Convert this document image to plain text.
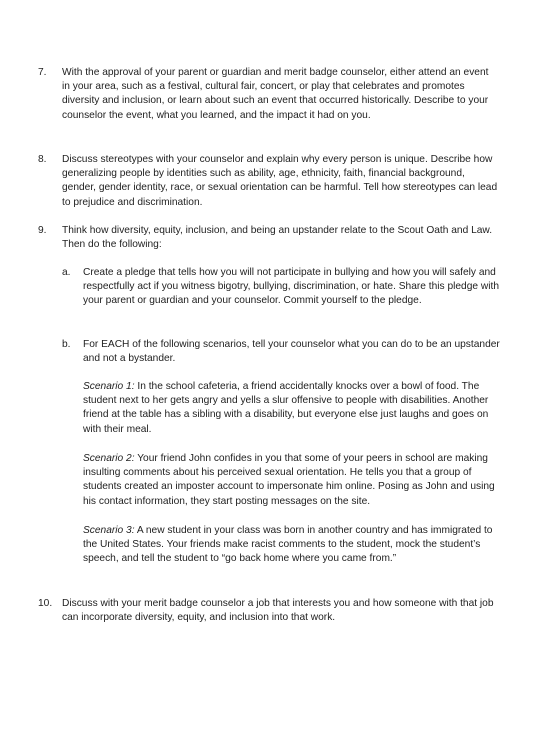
7.	With the approval of your parent or guardian and merit badge counselor, either attend an event in your area, such as a festival, cultural fair, concert, or play that celebrates and promotes diversity and inclusion, or learn about such an event that occurred historically. Describe to your counselor the event, what you learned, and the impact it had on you.
8.	Discuss stereotypes with your counselor and explain why every person is unique. Describe how generalizing people by identities such as ability, age, ethnicity, faith, financial background, gender, gender identity, race, or sexual orientation can be harmful. Tell how stereotypes can lead to prejudice and discrimination.
9.	Think how diversity, equity, inclusion, and being an upstander relate to the Scout Oath and Law. Then do the following:
a.	Create a pledge that tells how you will not participate in bullying and how you will safely and respectfully act if you witness bigotry, bullying, discrimination, or hate. Share this pledge with your parent or guardian and your counselor. Commit yourself to the pledge.
b.	For EACH of the following scenarios, tell your counselor what you can do to be an upstander and not a bystander.
Scenario 1: In the school cafeteria, a friend accidentally knocks over a bowl of food. The student next to her gets angry and yells a slur offensive to people with disabilities. Another friend at the table has a sibling with a disability, but everyone else just laughs and goes on with their meal.
Scenario 2: Your friend John confides in you that some of your peers in school are making insulting comments about his perceived sexual orientation. He tells you that a group of students created an imposter account to impersonate him online. Posing as John and using his contact information, they start posting messages on the site.
Scenario 3: A new student in your class was born in another country and has immigrated to the United States. Your friends make racist comments to the student, mock the student’s speech, and tell the student to “go back home where you came from.”
10. Discuss with your merit badge counselor a job that interests you and how someone with that job can incorporate diversity, equity, and inclusion into that work.
